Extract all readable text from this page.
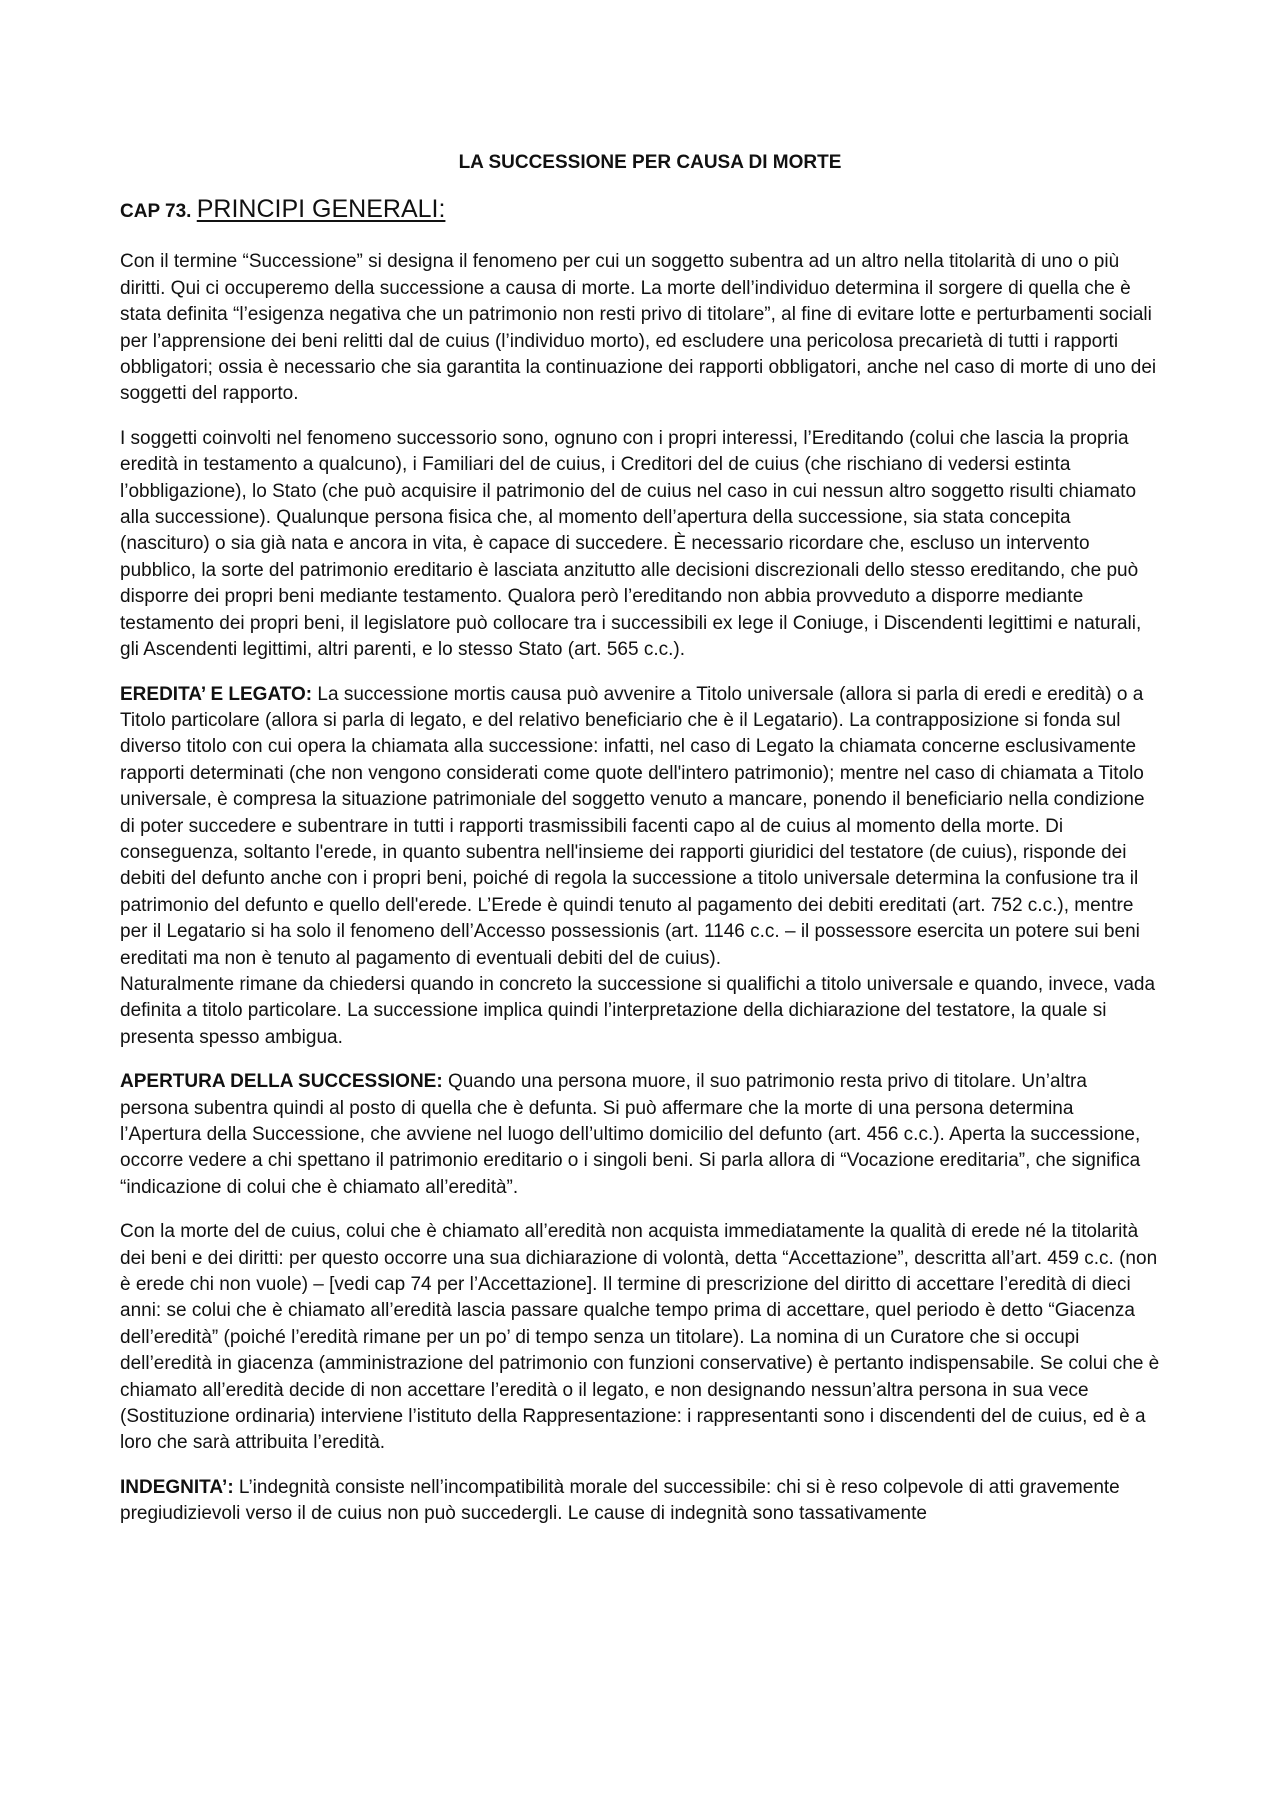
LA SUCCESSIONE PER CAUSA DI MORTE
CAP 73. PRINCIPI GENERALI:

Con il termine “Successione” si designa il fenomeno per cui un soggetto subentra ad un altro nella titolarità di uno o più diritti. Qui ci occuperemo della successione a causa di morte. La morte dell’individuo determina il sorgere di quella che è stata definita “l’esigenza negativa che un patrimonio non resti privo di titolare”, al fine di evitare lotte e perturbamenti sociali per l’apprensione dei beni relitti dal de cuius (l’individuo morto), ed escludere una pericolosa precarietà di tutti i rapporti obbligatori; ossia è necessario che sia garantita la continuazione dei rapporti obbligatori, anche nel caso di morte di uno dei soggetti del rapporto.

I soggetti coinvolti nel fenomeno successorio sono, ognuno con i propri interessi, l’Ereditando (colui che lascia la propria eredità in testamento a qualcuno), i Familiari del de cuius, i Creditori del de cuius (che rischiano di vedersi estinta l’obbligazione), lo Stato (che può acquisire il patrimonio del de cuius nel caso in cui nessun altro soggetto risulti chiamato alla successione). Qualunque persona fisica che, al momento dell’apertura della successione, sia stata concepita (nascituro) o sia già nata e ancora in vita, è capace di succedere. È necessario ricordare che, escluso un intervento pubblico, la sorte del patrimonio ereditario è lasciata anzitutto alle decisioni discrezionali dello stesso ereditando, che può disporre dei propri beni mediante testamento. Qualora però l’ereditando non abbia provveduto a disporre mediante testamento dei propri beni, il legislatore può collocare tra i successibili ex lege il Coniuge, i Discendenti legittimi e naturali, gli Ascendenti legittimi, altri parenti, e lo stesso Stato (art. 565 c.c.).

EREDITA’ E LEGATO: La successione mortis causa può avvenire a Titolo universale (allora si parla di eredi e eredità) o a Titolo particolare (allora si parla di legato, e del relativo beneficiario che è il Legatario). La contrapposizione si fonda sul diverso titolo con cui opera la chiamata alla successione: infatti, nel caso di Legato la chiamata concerne esclusivamente rapporti determinati (che non vengono considerati come quote dell'intero patrimonio); mentre nel caso di chiamata a Titolo universale, è compresa la situazione patrimoniale del soggetto venuto a mancare, ponendo il beneficiario nella condizione di poter succedere e subentrare in tutti i rapporti trasmissibili facenti capo al de cuius al momento della morte. Di conseguenza, soltanto l'erede, in quanto subentra nell'insieme dei rapporti giuridici del testatore (de cuius), risponde dei debiti del defunto anche con i propri beni, poiché di regola la successione a titolo universale determina la confusione tra il patrimonio del defunto e quello dell'erede. L’Erede è quindi tenuto al pagamento dei debiti ereditati (art. 752 c.c.), mentre per il Legatario si ha solo il fenomeno dell’Accesso possessionis (art. 1146 c.c. – il possessore esercita un potere sui beni ereditati ma non è tenuto al pagamento di eventuali debiti del de cuius).

Naturalmente rimane da chiedersi quando in concreto la successione si qualifichi a titolo universale e quando, invece, vada definita a titolo particolare. La successione implica quindi l’interpretazione della dichiarazione del testatore, la quale si presenta spesso ambigua.

APERTURA DELLA SUCCESSIONE: Quando una persona muore, il suo patrimonio resta privo di titolare. Un’altra persona subentra quindi al posto di quella che è defunta. Si può affermare che la morte di una persona determina l’Apertura della Successione, che avviene nel luogo dell’ultimo domicilio del defunto (art. 456 c.c.). Aperta la successione, occorre vedere a chi spettano il patrimonio ereditario o i singoli beni. Si parla allora di “Vocazione ereditaria”, che significa “indicazione di colui che è chiamato all’eredità”.

Con la morte del de cuius, colui che è chiamato all’eredità non acquista immediatamente la qualità di erede né la titolarità dei beni e dei diritti: per questo occorre una sua dichiarazione di volontà, detta “Accettazione”, descritta all’art. 459 c.c. (non è erede chi non vuole) – [vedi cap 74 per l’Accettazione]. Il termine di prescrizione del diritto di accettare l’eredità di dieci anni: se colui che è chiamato all’eredità lascia passare qualche tempo prima di accettare, quel periodo è detto “Giacenza dell’eredità” (poiché l’eredità rimane per un po’ di tempo senza un titolare). La nomina di un Curatore che si occupi dell’eredità in giacenza (amministrazione del patrimonio con funzioni conservative) è pertanto indispensabile. Se colui che è chiamato all’eredità decide di non accettare l’eredità o il legato, e non designando nessun’altra persona in sua vece (Sostituzione ordinaria) interviene l’istituto della Rappresentazione: i rappresentanti sono i discendenti del de cuius, ed è a loro che sarà attribuita l’eredità.

INDEGNITA’: L’indegnità consiste nell’incompatibilità morale del successibile: chi si è reso colpevole di atti gravemente pregiudizievoli verso il de cuius non può succedergli. Le cause di indegnità sono tassativamente
